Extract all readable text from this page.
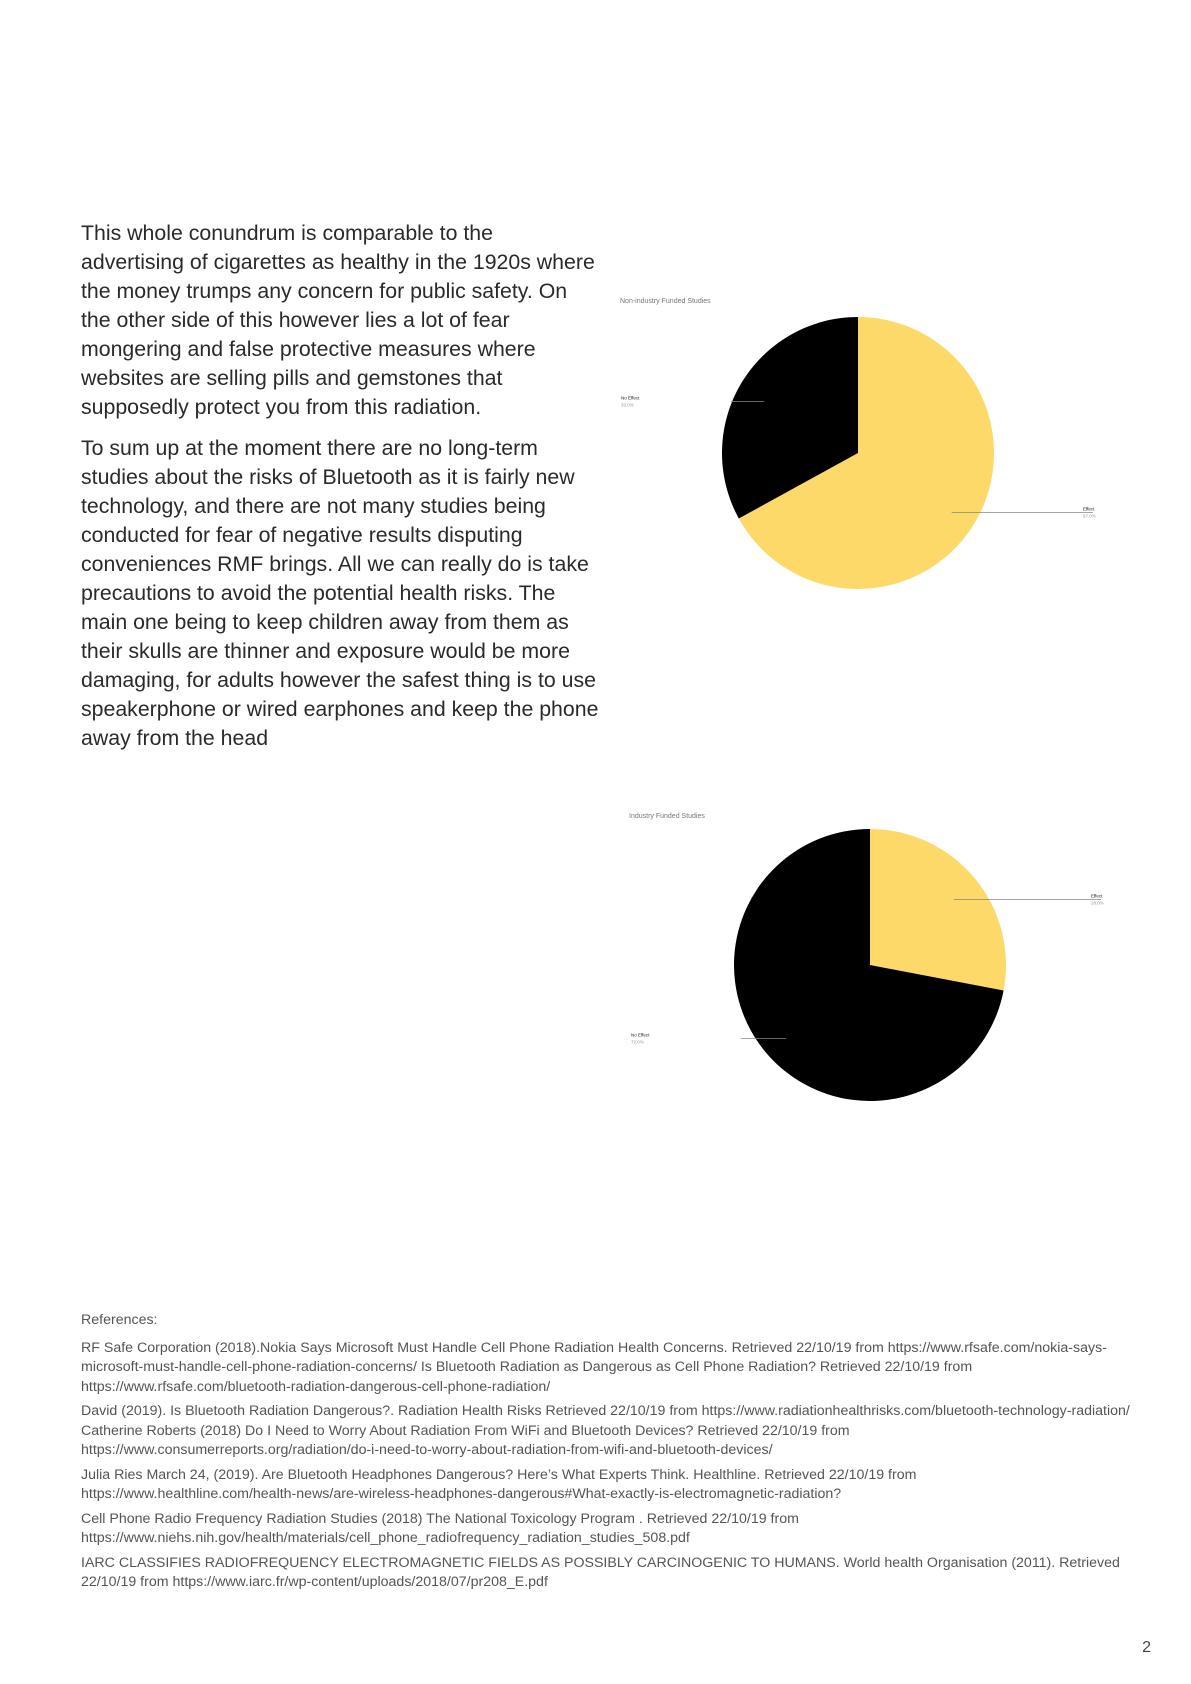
This whole conundrum is comparable to the advertising of cigarettes as healthy in the 1920s where the money trumps any concern for public safety. On the other side of this however lies a lot of fear mongering and false protective measures where websites are selling pills and gemstones that supposedly protect you from this radiation.

To sum up at the moment there are no long-term studies about the risks of Bluetooth as it is fairly new technology, and there are not many studies being conducted for fear of negative results disputing conveniences RMF brings. All we can really do is take precautions to avoid the potential health risks. The main one being to keep children away from them as their skulls are thinner and exposure would be more damaging, for adults however the safest thing is to use speakerphone or wired earphones and keep the phone away from the head

Non-industry Funded Studies
Effect
67.0%
No Effect
33.0%
Industry Funded Studies
Effect
28.0%
No Effect
72.0%

References:

RF Safe Corporation (2018).Nokia Says Microsoft Must Handle Cell Phone Radiation Health Concerns. Retrieved 22/10/19 from https://www.rfsafe.com/nokia-says-microsoft-must-handle-cell-phone-radiation-concerns/ Is Bluetooth Radiation as Dangerous as Cell Phone Radiation? Retrieved 22/10/19 from https://www.rfsafe.com/bluetooth-radiation-dangerous-cell-phone-radiation/

David (2019). Is Bluetooth Radiation Dangerous?. Radiation Health Risks Retrieved 22/10/19 from https://www.radiationhealthrisks.com/bluetooth-technology-radiation/ Catherine Roberts (2018) Do I Need to Worry About Radiation From WiFi and Bluetooth Devices? Retrieved 22/10/19 from https://www.consumerreports.org/radiation/do-i-need-to-worry-about-radiation-from-wifi-and-bluetooth-devices/

Julia Ries March 24, (2019). Are Bluetooth Headphones Dangerous? Here’s What Experts Think. Healthline. Retrieved 22/10/19 from https://www.healthline.com/health-news/are-wireless-headphones-dangerous#What-exactly-is-electromagnetic-radiation?

Cell Phone Radio Frequency Radiation Studies (2018) The National Toxicology Program . Retrieved 22/10/19 from https://www.niehs.nih.gov/health/materials/cell_phone_radiofrequency_radiation_studies_508.pdf

IARC CLASSIFIES RADIOFREQUENCY ELECTROMAGNETIC FIELDS AS POSSIBLY CARCINOGENIC TO HUMANS. World health Organisation (2011). Retrieved 22/10/19 from https://www.iarc.fr/wp-content/uploads/2018/07/pr208_E.pdf

2
